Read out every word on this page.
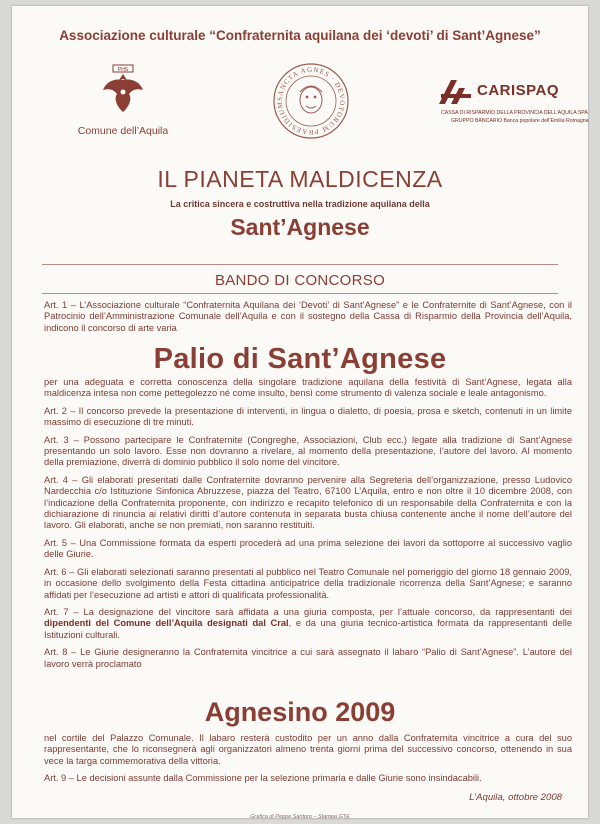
Associazione culturale “Confraternita aquilana dei ‘devoti’ di Sant’Agnese”
PHS
Comune dell’Aquila
SANCTA AGNES · DEVOTORUM PRAESIDIUM
CARISPAQ
CASSA DI RISPARMIO DELLA PROVINCIA DELL’AQUILA SPA
GRUPPO BANCARIO Banca popolare dell’Emilia Romagna
IL PIANETA MALDICENZA
La critica sincera e costruttiva nella tradizione aquilana della
Sant’Agnese
BANDO DI CONCORSO

Art. 1 – L’Associazione culturale “Confraternita Aquilana dei ‘Devoti’ di Sant’Agnese” e le Confraternite di Sant’Agnese, con il Patrocinio dell’Amministrazione Comunale dell’Aquila e con il sostegno della Cassa di Risparmio della Provincia dell’Aquila, indicono il concorso di arte varia

Palio di Sant’Agnese

per una adeguata e corretta conoscenza della singolare tradizione aquilana della festività di Sant’Agnese, legata alla maldicenza intesa non come pettegolezzo né come insulto, bensì come strumento di valenza sociale e leale antagonismo.

Art. 2 – Il concorso prevede la presentazione di interventi, in lingua o dialetto, di poesia, prosa e sketch, contenuti in un limite massimo di esecuzione di tre minuti.

Art. 3 – Possono partecipare le Confraternite (Congreghe, Associazioni, Club ecc.) legate alla tradizione di Sant’Agnese presentando un solo lavoro. Esse non dovranno a rivelare, al momento della presentazione, l’autore del lavoro. Al momento della premiazione, diverrà di dominio pubblico il solo nome del vincitore.

Art. 4 – Gli elaborati presentati dalle Confraternite dovranno pervenire alla Segreteria dell’organizzazione, presso Ludovico Nardecchia c/o Istituzione Sinfonica Abruzzese, piazza del Teatro, 67100 L’Aquila, entro e non oltre il 10 dicembre 2008, con l’indicazione della Confraternita proponente, con indirizzo e recapito telefonico di un responsabile della Confraternita e con la dichiarazione di rinuncia ai relativi diritti d’autore contenuta in separata busta chiusa contenente anche il nome dell’autore del lavoro. Gli elaborati, anche se non premiati, non saranno restituiti.

Art. 5 – Una Commissione formata da esperti procederà ad una prima selezione dei lavori da sottoporre al successivo vaglio delle Giurie.

Art. 6 – Gli elaborati selezionati saranno presentati al pubblico nel Teatro Comunale nel pomeriggio del giorno 18 gennaio 2009, in occasione dello svolgimento della Festa cittadina anticipatrice della tradizionale ricorrenza della Sant’Agnese; e saranno affidati per l’esecuzione ad artisti e attori di qualificata professionalità.

Art. 7 – La designazione del vincitore sarà affidata a una giuria composta, per l’attuale concorso, da rappresentanti dei dipendenti del Comune dell’Aquila designati dal Cral, e da una giuria tecnico-artistica formata da rappresentanti delle Istituzioni culturali.

Art. 8 – Le Giurie designeranno la Confraternita vincitrice a cui sarà assegnato il labaro “Palio di Sant’Agnese”. L’autore del lavoro verrà proclamato

Agnesino 2009

nel cortile del Palazzo Comunale. Il labaro resterà custodito per un anno dalla Confraternita vincitrice a cura del suo rappresentante, che lo riconsegnerà agli organizzatori almeno trenta giorni prima del successivo concorso, ottenendo in sua vece la targa commemorativa della vittoria.

Art. 9 – Le decisioni assunte dalla Commissione per la selezione primaria e dalle Giurie sono insindacabili.

L’Aquila, ottobre 2008
Grafica di Peppe Santoro – Stampa GTE
